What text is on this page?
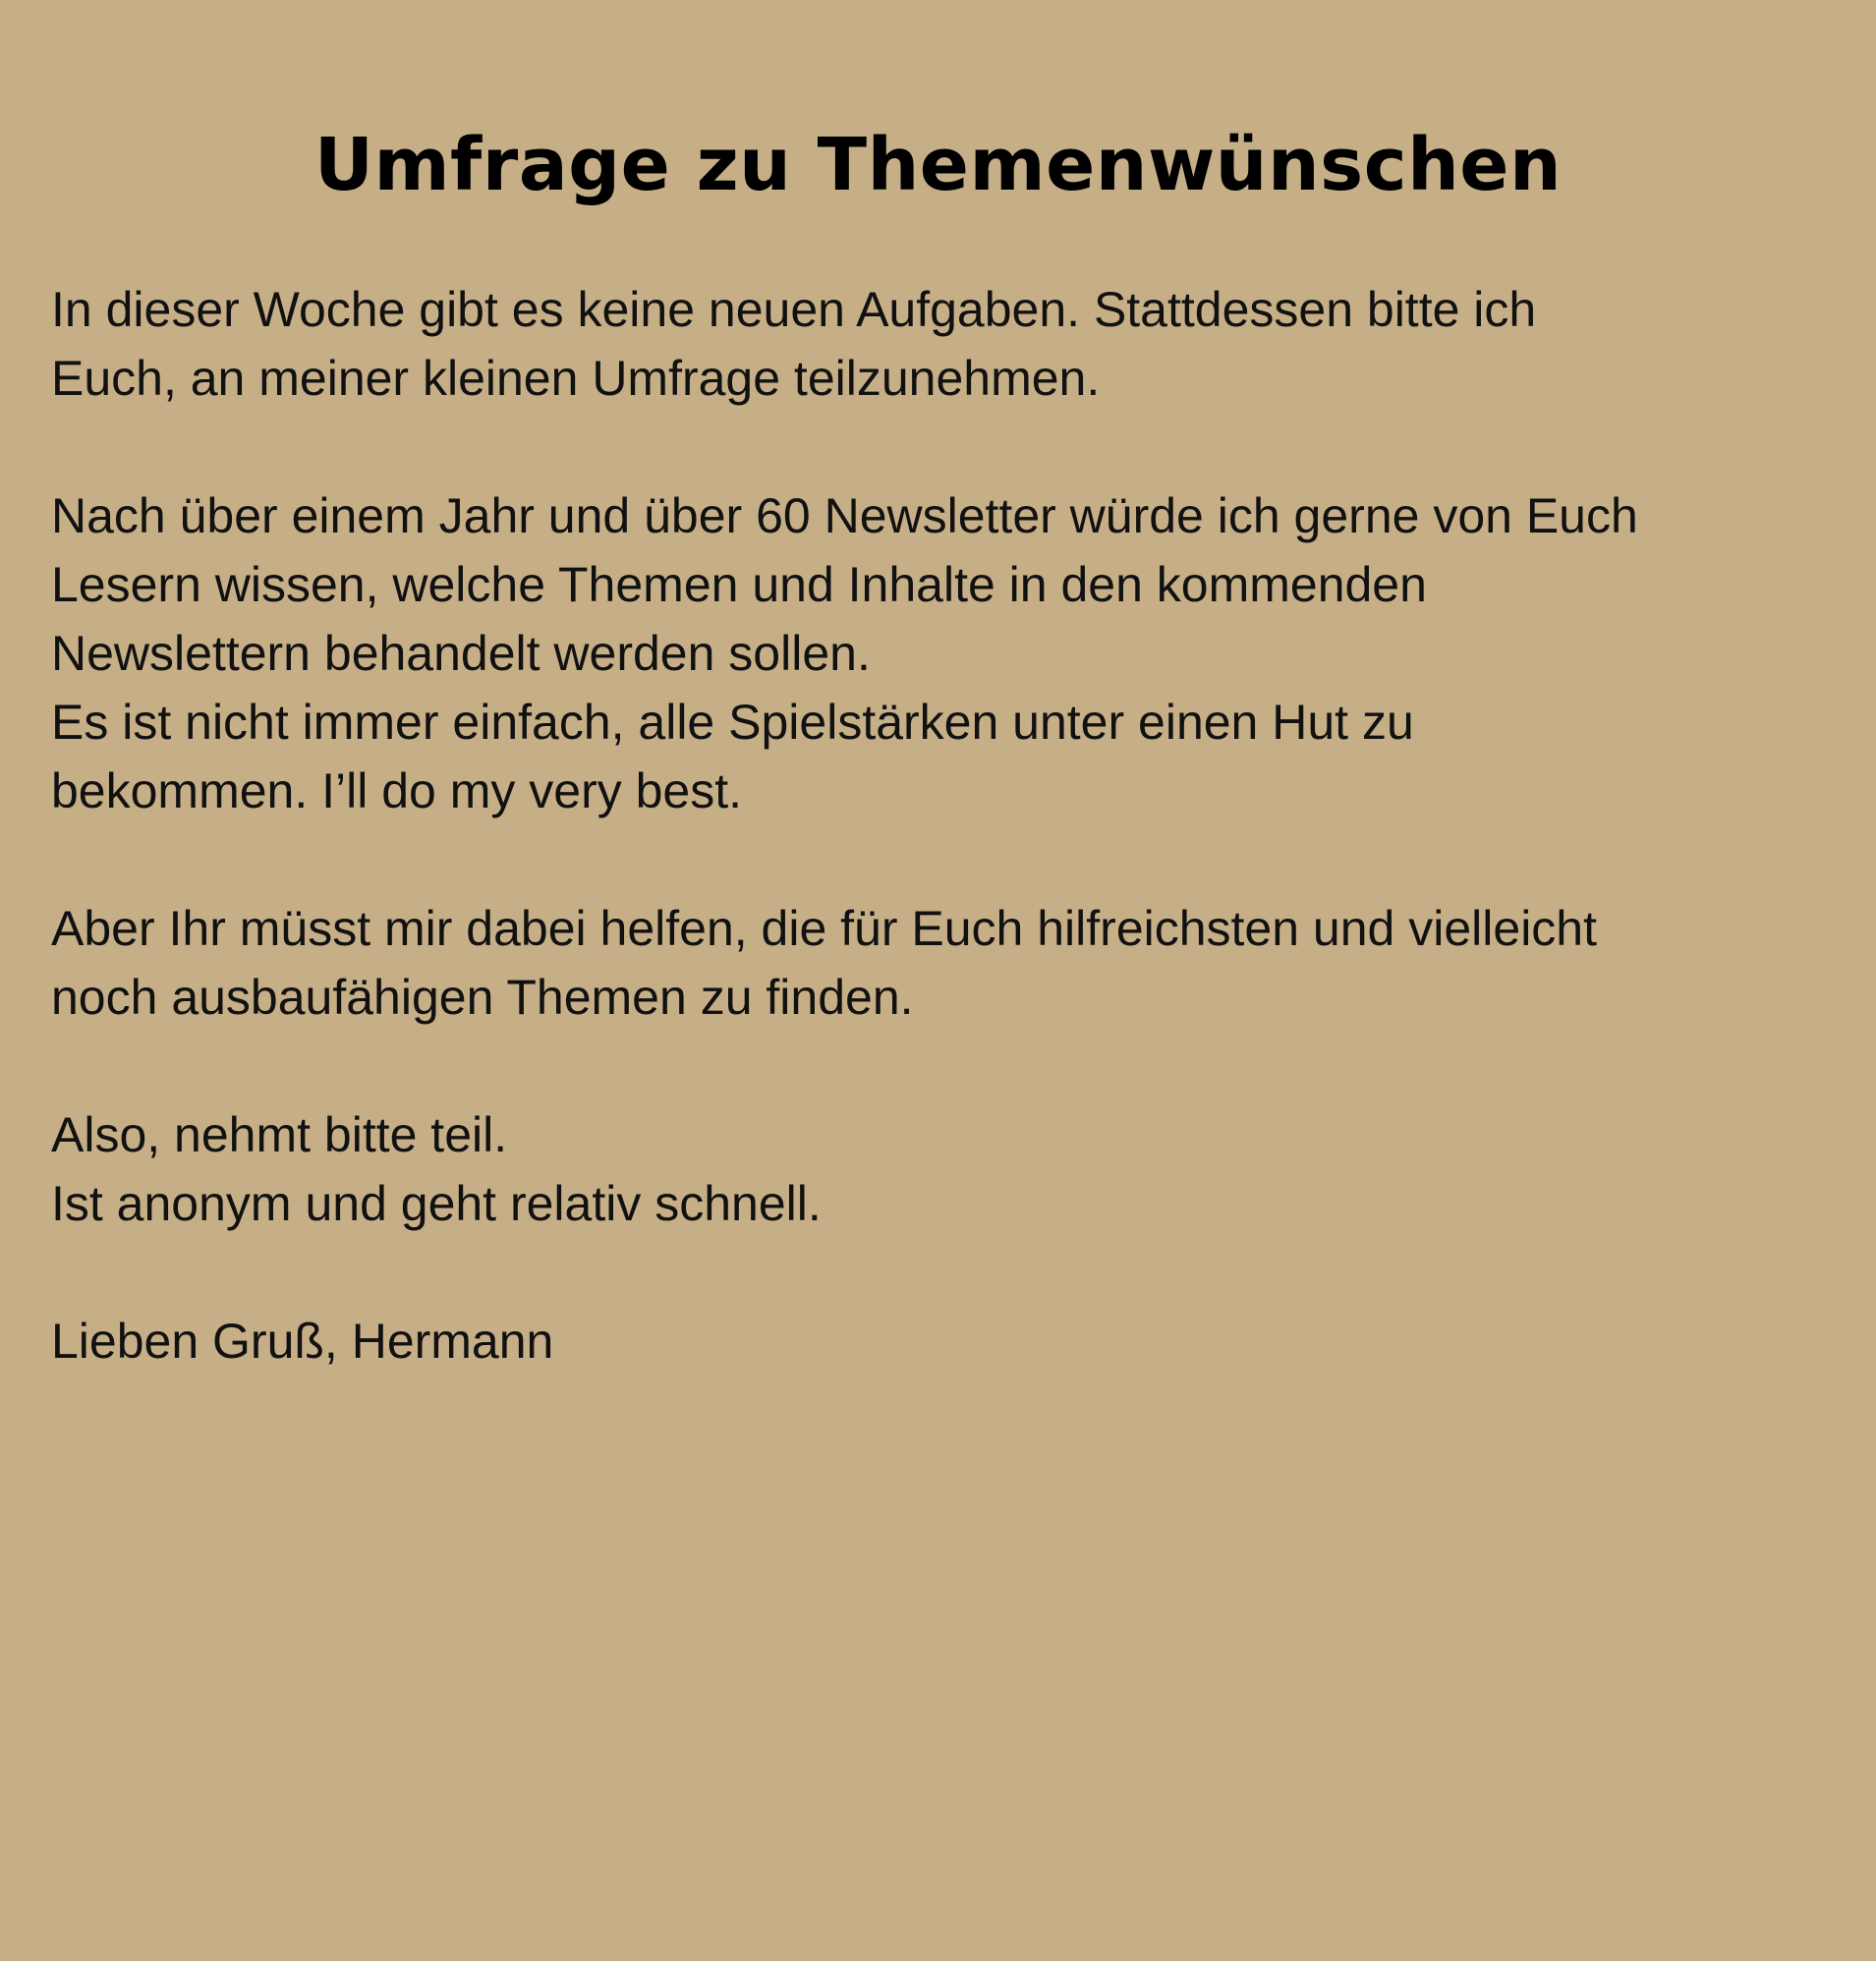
Umfrage zu Themenwünschen

In dieser Woche gibt es keine neuen Aufgaben. Stattdessen bitte ich
Euch, an meiner kleinen Umfrage teilzunehmen.

Nach über einem Jahr und über 60 Newsletter würde ich gerne von Euch
Lesern wissen, welche Themen und Inhalte in den kommenden
Newslettern behandelt werden sollen.
Es ist nicht immer einfach, alle Spielstärken unter einen Hut zu
bekommen. I’ll do my very best.

Aber Ihr müsst mir dabei helfen, die für Euch hilfreichsten und vielleicht
noch ausbaufähigen Themen zu finden.

Also, nehmt bitte teil.
Ist anonym und geht relativ schnell.

Lieben Gruß, Hermann
